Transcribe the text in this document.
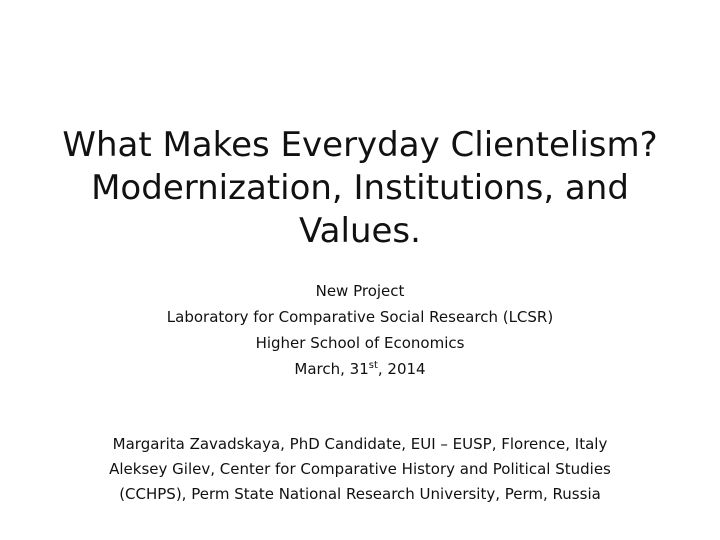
What Makes Everyday Clientelism?
Modernization, Institutions, and
Values.
New Project
Laboratory for Comparative Social Research (LCSR)
Higher School of Economics
March, 31st, 2014
Margarita Zavadskaya, PhD Candidate, EUI – EUSP, Florence, Italy
Aleksey Gilev, Center for Comparative History and Political Studies
(CCHPS), Perm State National Research University, Perm, Russia
